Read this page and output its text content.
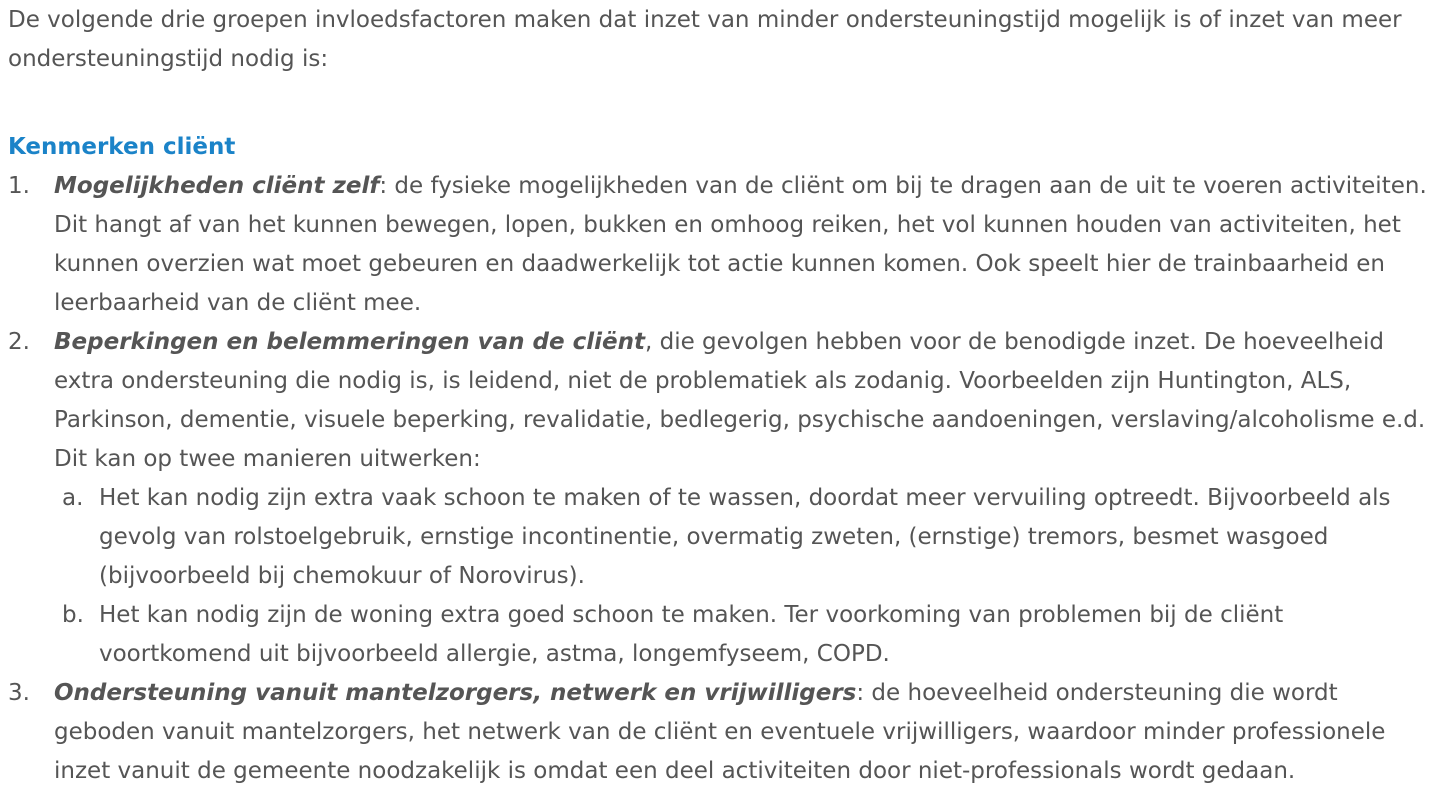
De volgende drie groepen invloedsfactoren maken dat inzet van minder ondersteuningstijd mogelijk is of inzet van meer ondersteuningstijd nodig is:

Kenmerken cliënt
1. Mogelijkheden cliënt zelf: de fysieke mogelijkheden van de cliënt om bij te dragen aan de uit te voeren activiteiten. Dit hangt af van het kunnen bewegen, lopen, bukken en omhoog reiken, het vol kunnen houden van activiteiten, het kunnen overzien wat moet gebeuren en daadwerkelijk tot actie kunnen komen. Ook speelt hier de trainbaarheid en leerbaarheid van de cliënt mee.
2. Beperkingen en belemmeringen van de cliënt, die gevolgen hebben voor de benodigde inzet. De hoeveelheid extra ondersteuning die nodig is, is leidend, niet de problematiek als zodanig. Voorbeelden zijn Huntington, ALS, Parkinson, dementie, visuele beperking, revalidatie, bedlegerig, psychische aandoeningen, verslaving/alcoholisme e.d. Dit kan op twee manieren uitwerken:
a. Het kan nodig zijn extra vaak schoon te maken of te wassen, doordat meer vervuiling optreedt. Bijvoorbeeld als gevolg van rolstoelgebruik, ernstige incontinentie, overmatig zweten, (ernstige) tremors, besmet wasgoed (bijvoorbeeld bij chemokuur of Norovirus).
b. Het kan nodig zijn de woning extra goed schoon te maken. Ter voorkoming van problemen bij de cliënt voortkomend uit bijvoorbeeld allergie, astma, longemfyseem, COPD.
3. Ondersteuning vanuit mantelzorgers, netwerk en vrijwilligers: de hoeveelheid ondersteuning die wordt geboden vanuit mantelzorgers, het netwerk van de cliënt en eventuele vrijwilligers, waardoor minder professionele inzet vanuit de gemeente noodzakelijk is omdat een deel activiteiten door niet-professionals wordt gedaan.
